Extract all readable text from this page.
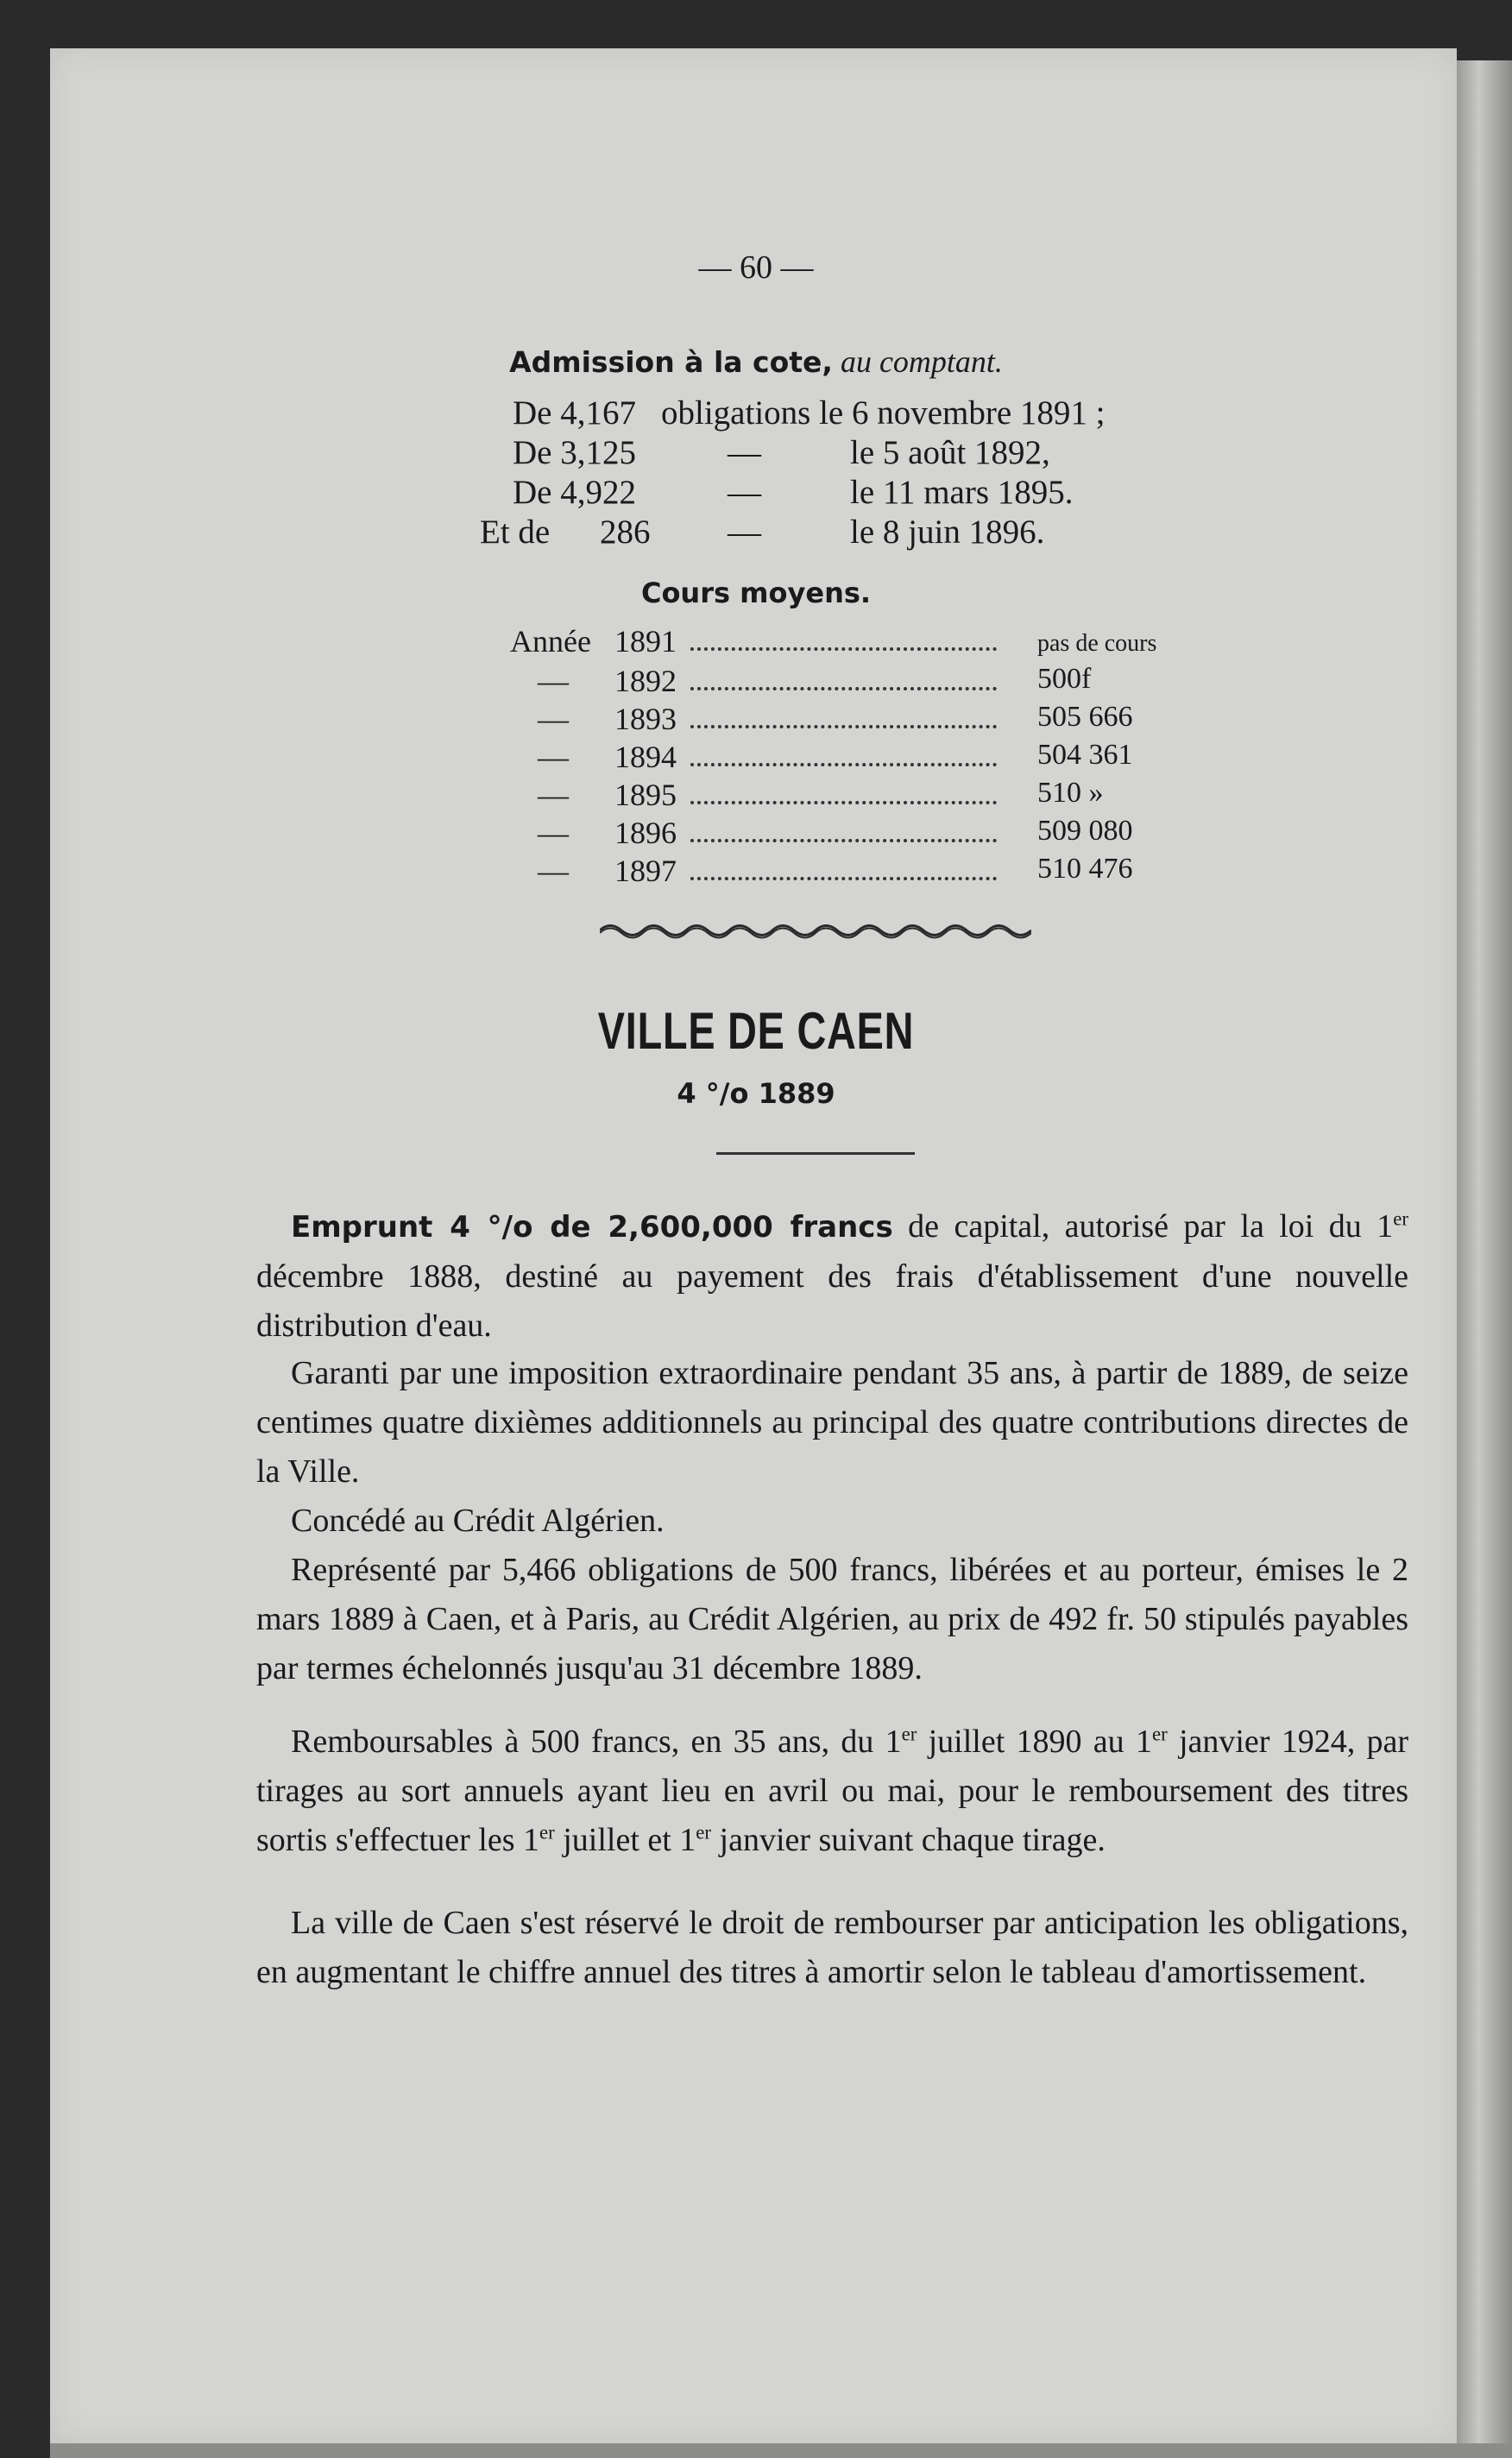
— 60 —
Admission à la cote, au comptant.
De 4,167 obligations le 6 novembre 1891 ;
De 3,125	—	le 5 août 1892,
De 4,922	—	le 11 mars 1895.
Et de 286 —	le 8 juin 1896.
Cours moyens.
Année 1891	pas de cours
— 1892	500f
— 1893	505 666
— 1894	504 361
— 1895	510 »
— 1896	509 080
— 1897	510 476
VILLE DE CAEN
4 °/o 1889
Emprunt 4 °/o de 2,600,000 francs de capital, autorisé par la loi du 1er décembre 1888, destiné au payement des frais d'établissement d'une nouvelle distribution d'eau.
Garanti par une imposition extraordinaire pendant 35 ans, à partir de 1889, de seize centimes quatre dixièmes additionnels au principal des quatre contributions directes de la Ville.
Concédé au Crédit Algérien.
Représenté par 5,466 obligations de 500 francs, libérées et au porteur, émises le 2 mars 1889 à Caen, et à Paris, au Crédit Algérien, au prix de 492 fr. 50 stipulés payables par termes échelonnés jusqu'au 31 décembre 1889.
Remboursables à 500 francs, en 35 ans, du 1er juillet 1890 au 1er janvier 1924, par tirages au sort annuels ayant lieu en avril ou mai, pour le remboursement des titres sortis s'effectuer les 1er juillet et 1er janvier suivant chaque tirage.
La ville de Caen s'est réservé le droit de rembourser par anticipation les obligations, en augmentant le chiffre annuel des titres à amortir selon le tableau d'amortissement.
